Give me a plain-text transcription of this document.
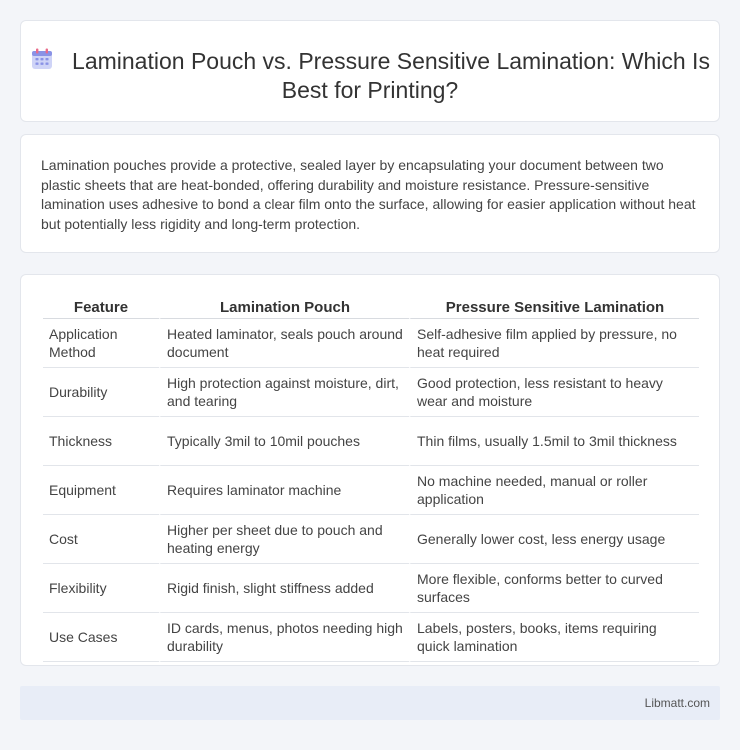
Lamination Pouch vs. Pressure Sensitive Lamination: Which Is Best for Printing?

Lamination pouches provide a protective, sealed layer by encapsulating your document between two plastic sheets that are heat-bonded, offering durability and moisture resistance. Pressure-sensitive lamination uses adhesive to bond a clear film onto the surface, allowing for easier application without heat but potentially less rigidity and long-term protection.

Feature	Lamination Pouch	Pressure Sensitive Lamination
Application Method	Heated laminator, seals pouch around document	Self-adhesive film applied by pressure, no heat required
Durability	High protection against moisture, dirt, and tearing	Good protection, less resistant to heavy wear and moisture
Thickness	Typically 3mil to 10mil pouches	Thin films, usually 1.5mil to 3mil thickness
Equipment	Requires laminator machine	No machine needed, manual or roller application
Cost	Higher per sheet due to pouch and heating energy	Generally lower cost, less energy usage
Flexibility	Rigid finish, slight stiffness added	More flexible, conforms better to curved surfaces
Use Cases	ID cards, menus, photos needing high durability	Labels, posters, books, items requiring quick lamination
Libmatt.com
